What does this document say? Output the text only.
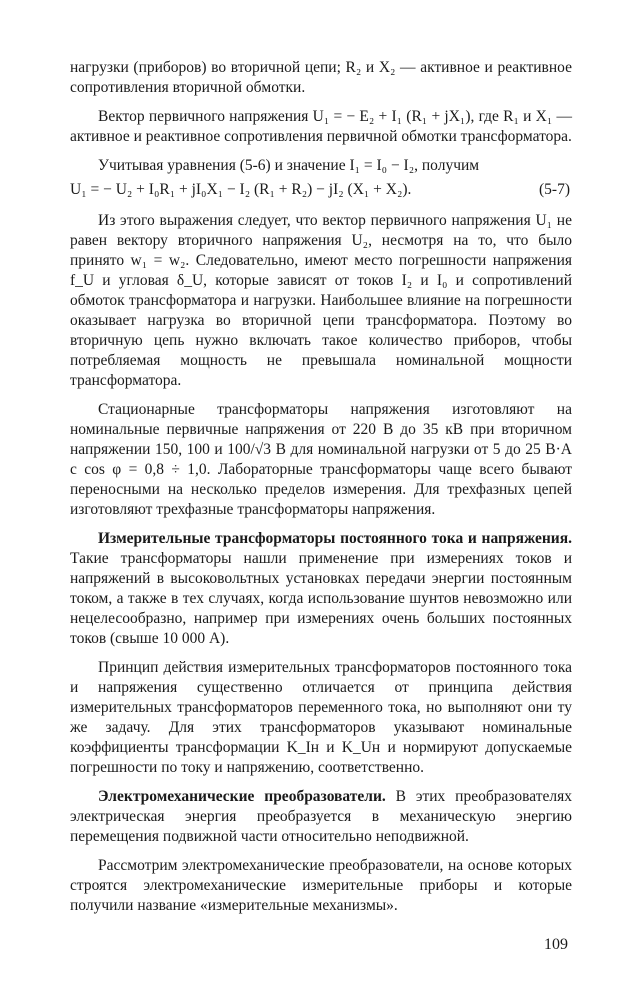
нагрузки (приборов) во вторичной цепи; R₂ и X₂ — активное и реактивное сопротивления вторичной обмотки.

Вектор первичного напряжения U₁ = − E₂ + I₁ (R₁ + jX₁), где R₁ и X₁ — активное и реактивное сопротивления первичной обмотки трансформатора.

Учитывая уравнения (5-6) и значение I₁ = I₀ − I₂, получим

U₁ = − U₂ + I₀R₁ + jI₀X₁ − I₂ (R₁ + R₂) − jI₂ (X₁ + X₂).	(5-7)

Из этого выражения следует, что вектор первичного напряжения U₁ не равен вектору вторичного напряжения U₂, несмотря на то, что было принято w₁ = w₂. Следовательно, имеют место погрешности напряжения f_U и угловая δ_U, которые зависят от токов I₂ и I₀ и сопротивлений обмоток трансформатора и нагрузки. Наибольшее влияние на погрешности оказывает нагрузка во вторичной цепи трансформатора. Поэтому во вторичную цепь нужно включать такое количество приборов, чтобы потребляемая мощность не превышала номинальной мощности трансформатора.

Стационарные трансформаторы напряжения изготовляют на номинальные первичные напряжения от 220 В до 35 кВ при вторичном напряжении 150, 100 и 100/√3 В для номинальной нагрузки от 5 до 25 В·А с cos φ = 0,8 ÷ 1,0. Лабораторные трансформаторы чаще всего бывают переносными на несколько пределов измерения. Для трехфазных цепей изготовляют трехфазные трансформаторы напряжения.

Измерительные трансформаторы постоянного тока и напряжения. Такие трансформаторы нашли применение при измерениях токов и напряжений в высоковольтных установках передачи энергии постоянным током, а также в тех случаях, когда использование шунтов невозможно или нецелесообразно, например при измерениях очень больших постоянных токов (свыше 10 000 А).

Принцип действия измерительных трансформаторов постоянного тока и напряжения существенно отличается от принципа действия измерительных трансформаторов переменного тока, но выполняют они ту же задачу. Для этих трансформаторов указывают номинальные коэффициенты трансформации K_Iн и K_Uн и нормируют допускаемые погрешности по току и напряжению, соответственно.

Электромеханические преобразователи. В этих преобразователях электрическая энергия преобразуется в механическую энергию перемещения подвижной части относительно неподвижной.

Рассмотрим электромеханические преобразователи, на основе которых строятся электромеханические измерительные приборы и которые получили название «измерительные механизмы».

109
